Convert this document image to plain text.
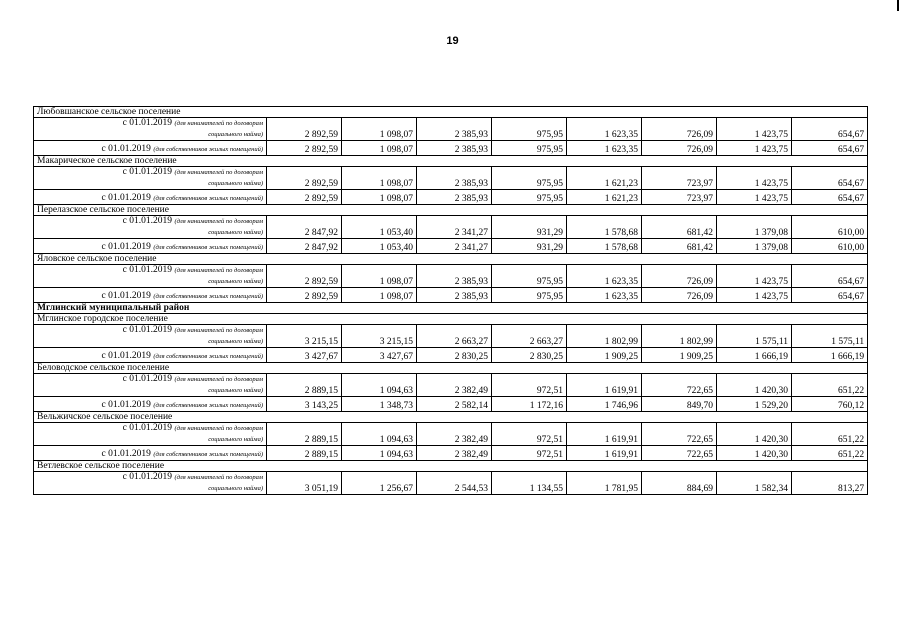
19
Любовшанское сельское поселение								
с 01.01.2019 (для нанимателей по договорам
социального найма)	2 892,59	1 098,07	2 385,93	975,95	1 623,35	726,09	1 423,75	654,67
с 01.01.2019 (для собственников жилых помещений)	2 892,59	1 098,07	2 385,93	975,95	1 623,35	726,09	1 423,75	654,67
Макарическое сельское поселение								
с 01.01.2019 (для нанимателей по договорам
социального найма)	2 892,59	1 098,07	2 385,93	975,95	1 621,23	723,97	1 423,75	654,67
с 01.01.2019 (для собственников жилых помещений)	2 892,59	1 098,07	2 385,93	975,95	1 621,23	723,97	1 423,75	654,67
Перелазское сельское поселение								
с 01.01.2019 (для нанимателей по договорам
социального найма)	2 847,92	1 053,40	2 341,27	931,29	1 578,68	681,42	1 379,08	610,00
с 01.01.2019 (для собственников жилых помещений)	2 847,92	1 053,40	2 341,27	931,29	1 578,68	681,42	1 379,08	610,00
Яловское сельское поселение								
с 01.01.2019 (для нанимателей по договорам
социального найма)	2 892,59	1 098,07	2 385,93	975,95	1 623,35	726,09	1 423,75	654,67
с 01.01.2019 (для собственников жилых помещений)	2 892,59	1 098,07	2 385,93	975,95	1 623,35	726,09	1 423,75	654,67
Мглинский муниципальный район								
Мглинское городское поселение								
с 01.01.2019 (для нанимателей по договорам
социального найма)	3 215,15	3 215,15	2 663,27	2 663,27	1 802,99	1 802,99	1 575,11	1 575,11
с 01.01.2019 (для собственников жилых помещений)	3 427,67	3 427,67	2 830,25	2 830,25	1 909,25	1 909,25	1 666,19	1 666,19
Беловодское сельское поселение								
с 01.01.2019 (для нанимателей по договорам
социального найма)	2 889,15	1 094,63	2 382,49	972,51	1 619,91	722,65	1 420,30	651,22
с 01.01.2019 (для собственников жилых помещений)	3 143,25	1 348,73	2 582,14	1 172,16	1 746,96	849,70	1 529,20	760,12
Вельжичское сельское поселение								
с 01.01.2019 (для нанимателей по договорам
социального найма)	2 889,15	1 094,63	2 382,49	972,51	1 619,91	722,65	1 420,30	651,22
с 01.01.2019 (для собственников жилых помещений)	2 889,15	1 094,63	2 382,49	972,51	1 619,91	722,65	1 420,30	651,22
Ветлевское сельское поселение								
с 01.01.2019 (для нанимателей по договорам
социального найма)	3 051,19	1 256,67	2 544,53	1 134,55	1 781,95	884,69	1 582,34	813,27
